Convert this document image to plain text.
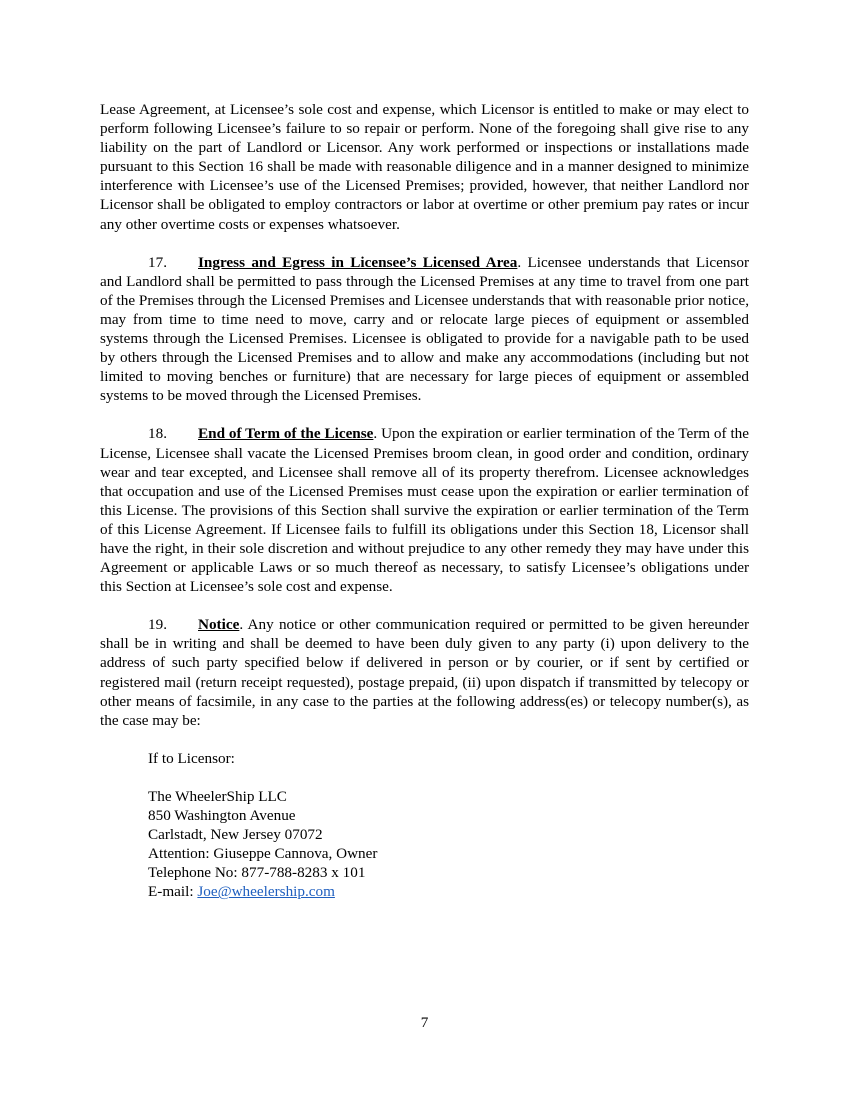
Lease Agreement, at Licensee’s sole cost and expense, which Licensor is entitled to make or may elect to perform following Licensee’s failure to so repair or perform. None of the foregoing shall give rise to any liability on the part of Landlord or Licensor. Any work performed or inspections or installations made pursuant to this Section 16 shall be made with reasonable diligence and in a manner designed to minimize interference with Licensee’s use of the Licensed Premises; provided, however, that neither Landlord nor Licensor shall be obligated to employ contractors or labor at overtime or other premium pay rates or incur any other overtime costs or expenses whatsoever.

17. Ingress and Egress in Licensee’s Licensed Area. Licensee understands that Licensor and Landlord shall be permitted to pass through the Licensed Premises at any time to travel from one part of the Premises through the Licensed Premises and Licensee understands that with reasonable prior notice, may from time to time need to move, carry and or relocate large pieces of equipment or assembled systems through the Licensed Premises. Licensee is obligated to provide for a navigable path to be used by others through the Licensed Premises and to allow and make any accommodations (including but not limited to moving benches or furniture) that are necessary for large pieces of equipment or assembled systems to be moved through the Licensed Premises.

18. End of Term of the License. Upon the expiration or earlier termination of the Term of the License, Licensee shall vacate the Licensed Premises broom clean, in good order and condition, ordinary wear and tear excepted, and Licensee shall remove all of its property therefrom. Licensee acknowledges that occupation and use of the Licensed Premises must cease upon the expiration or earlier termination of this License. The provisions of this Section shall survive the expiration or earlier termination of the Term of this License Agreement. If Licensee fails to fulfill its obligations under this Section 18, Licensor shall have the right, in their sole discretion and without prejudice to any other remedy they may have under this Agreement or applicable Laws or so much thereof as necessary, to satisfy Licensee’s obligations under this Section at Licensee’s sole cost and expense.

19. Notice. Any notice or other communication required or permitted to be given hereunder shall be in writing and shall be deemed to have been duly given to any party (i) upon delivery to the address of such party specified below if delivered in person or by courier, or if sent by certified or registered mail (return receipt requested), postage prepaid, (ii) upon dispatch if transmitted by telecopy or other means of facsimile, in any case to the parties at the following address(es) or telecopy number(s), as the case may be:

If to Licensor:
The WheelerShip LLC
850 Washington Avenue
Carlstadt, New Jersey 07072
Attention: Giuseppe Cannova, Owner
Telephone No: 877-788-8283 x 101
E-mail: Joe@wheelership.com
7
